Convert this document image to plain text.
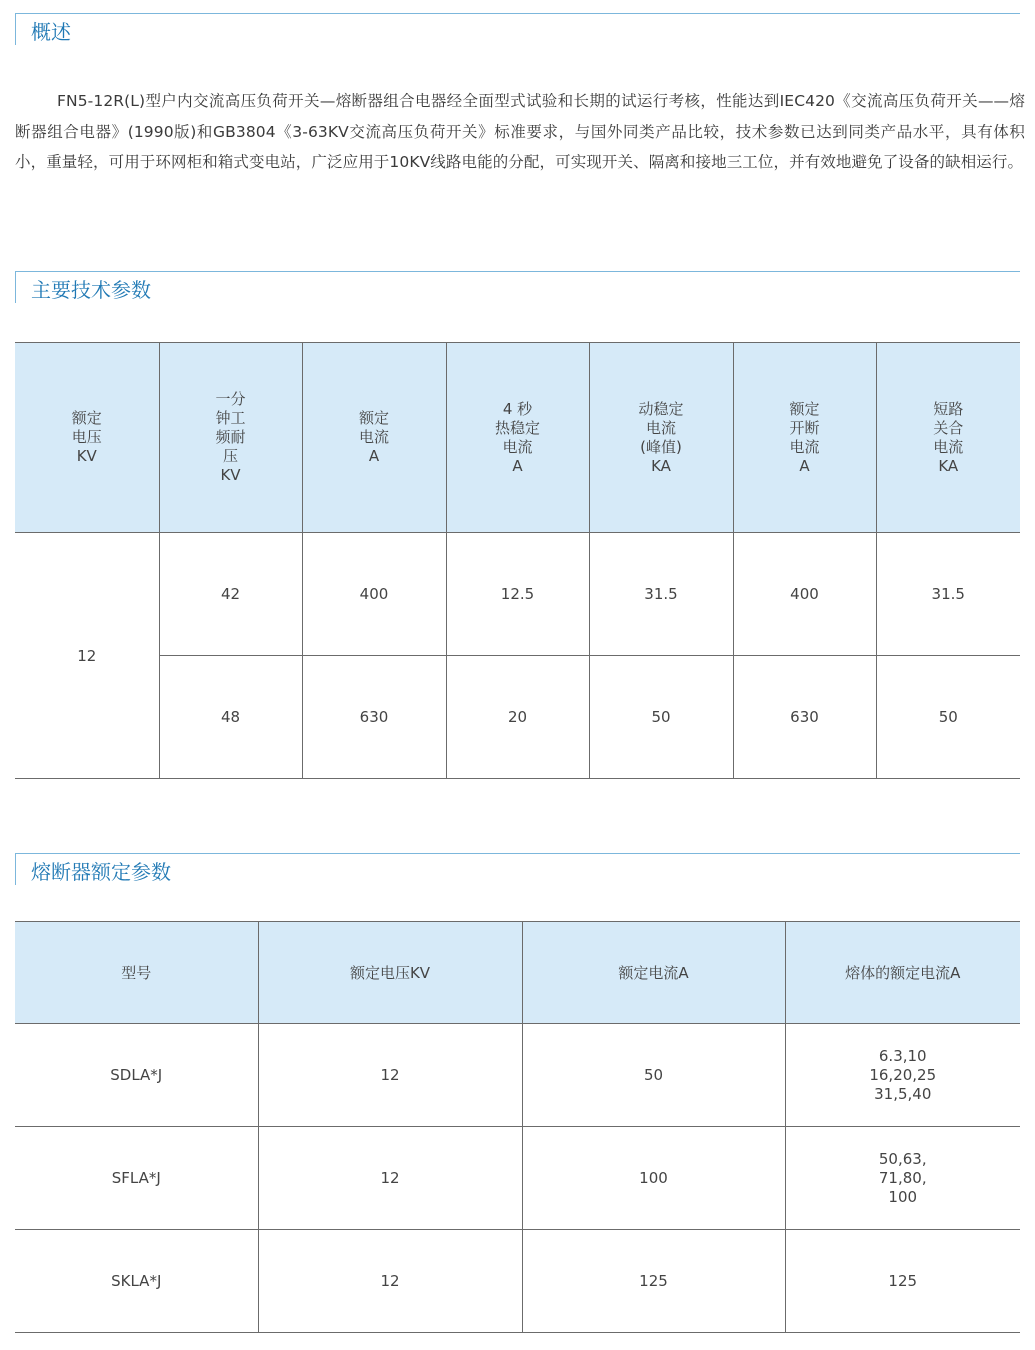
概述

FN5-12R(L)型户内交流高压负荷开关—熔断器组合电器经全面型式试验和长期的试运行考核，性能达到IEC420《交流高压负荷开关——熔断器组合电器》(1990版)和GB3804《3-63KV交流高压负荷开关》标准要求，与国外同类产品比较，技术参数已达到同类产品水平，具有体积小，重量轻，可用于环网柜和箱式变电站，广泛应用于10KV线路电能的分配，可实现开关、隔离和接地三工位，并有效地避免了设备的缺相运行。

主要技术参数
额定
电压
KV	一分
钟工
频耐
压
KV	额定
电流
A	4 秒
热稳定
电流
A	动稳定
电流
(峰值)
KA	额定
开断
电流
A	短路
关合
电流
KA
12	42	400	12.5	31.5	400	31.5
	48	630	20	50	630	50
熔断器额定参数
型号	额定电压KV	额定电流A	熔体的额定电流A
SDLA*J	12	50	6.3,10
16,20,25
31,5,40
SFLA*J	12	100	50,63,
71,80,
100
SKLA*J	12	125	125
